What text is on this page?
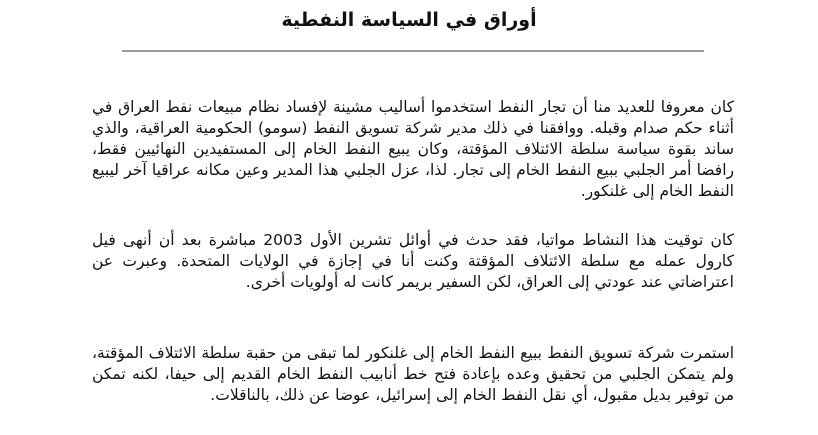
أوراق في السياسة النفطية

كان معروفا للعديد منا أن تجار النفط استخدموا أساليب مشينة لإفساد نظام مبيعات نفط العراق في أثناء حكم صدام وقبله. ووافقنا في ذلك مدير شركة تسويق النفط (سومو) الحكومية العراقية، والذي ساند بقوة سياسة سلطة الائتلاف المؤقتة، وكان يبيع النفط الخام إلى المستفيدين النهائيين فقط، رافضا أمر الجلبي ببيع النفط الخام إلى تجار. لذا، عزل الجلبي هذا المدير وعين مكانه عراقيا آخر ليبيع النفط الخام إلى غلنكور.

كان توقيت هذا النشاط مواتيا، فقد حدث في أوائل تشرين الأول 2003 مباشرة بعد أن أنهى فيل كارول عمله مع سلطة الائتلاف المؤقتة وكنت أنا في إجازة في الولايات المتحدة. وعبرت عن اعتراضاتي عند عودتي إلى العراق، لكن السفير بريمر كانت له أولويات أخرى.

استمرت شركة تسويق النفط ببيع النفط الخام إلى غلنكور لما تبقى من حقبة سلطة الائتلاف المؤقتة، ولم يتمكن الجلبي من تحقيق وعده بإعادة فتح خط أنابيب النفط الخام القديم إلى حيفا، لكنه تمكن من توفير بديل مقبول، أي نقل النفط الخام إلى إسرائيل، عوضا عن ذلك، بالناقلات.
